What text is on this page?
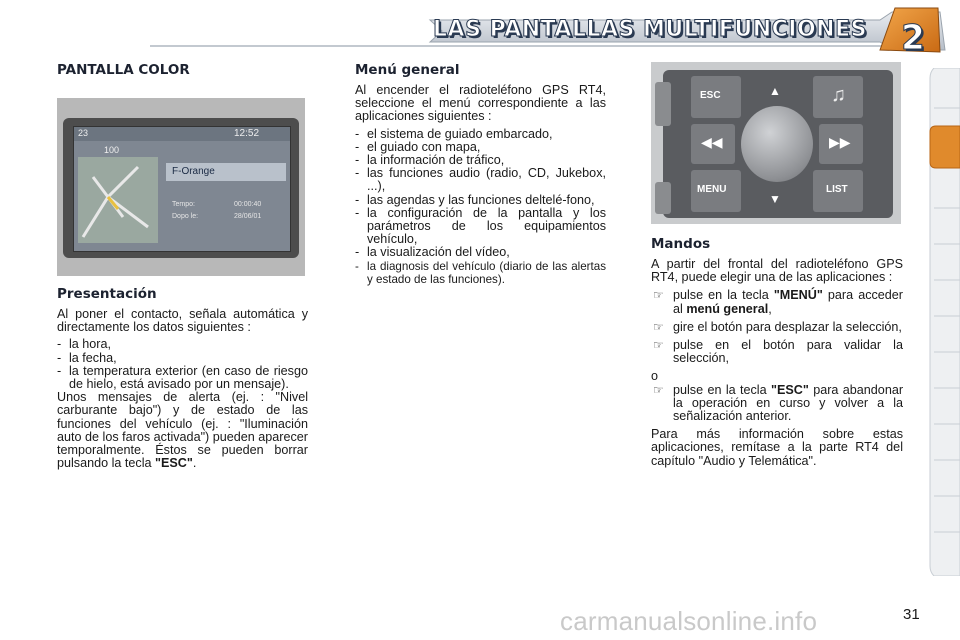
LAS PANTALLAS MULTIFUNCIONES 2
PANTALLA COLOR
23	12:52
100
F-Orange
Tempo:	00:00:40
Dopo le:	28/06/01
Presentación
Al poner el contacto, señala automática y directamente los datos siguientes :
- la hora,
- la fecha,
- la temperatura exterior (en caso de riesgo de hielo, está avisado por un mensaje).
Unos mensajes de alerta (ej. : "Nivel carburante bajo") y de estado de las funciones del vehículo (ej. : "Iluminación auto de los faros activada") pueden aparecer temporalmente. Éstos se pueden borrar pulsando la tecla "ESC".
Menú general
Al encender el radioteléfono GPS RT4, seleccione el menú correspondiente a las aplicaciones siguientes :
- el sistema de guiado embarcado,
- el guiado con mapa,
- la información de tráfico,
- las funciones audio (radio, CD, Jukebox, ...),
- las agendas y las funciones deltelé-fono,
- la configuración de la pantalla y los parámetros de los equipamientos vehículo,
- la visualización del vídeo,
- la diagnosis del vehículo (diario de las alertas y estado de las funciones).
ESC	♫
MENU	LIST
◀◀	▶▶
▲
▼
Mandos
A partir del frontal del radioteléfono GPS RT4, puede elegir una de las aplicaciones :
☞ pulse en la tecla "MENÚ" para acceder al menú general,
☞ gire el botón para desplazar la selección,
☞ pulse en el botón para validar la selección,
o
☞ pulse en la tecla "ESC" para abandonar la operación en curso y volver a la señalización anterior.
Para más información sobre estas aplicaciones, remítase a la parte RT4 del capítulo "Audio y Telemática".
carmanualsonline.info	31
